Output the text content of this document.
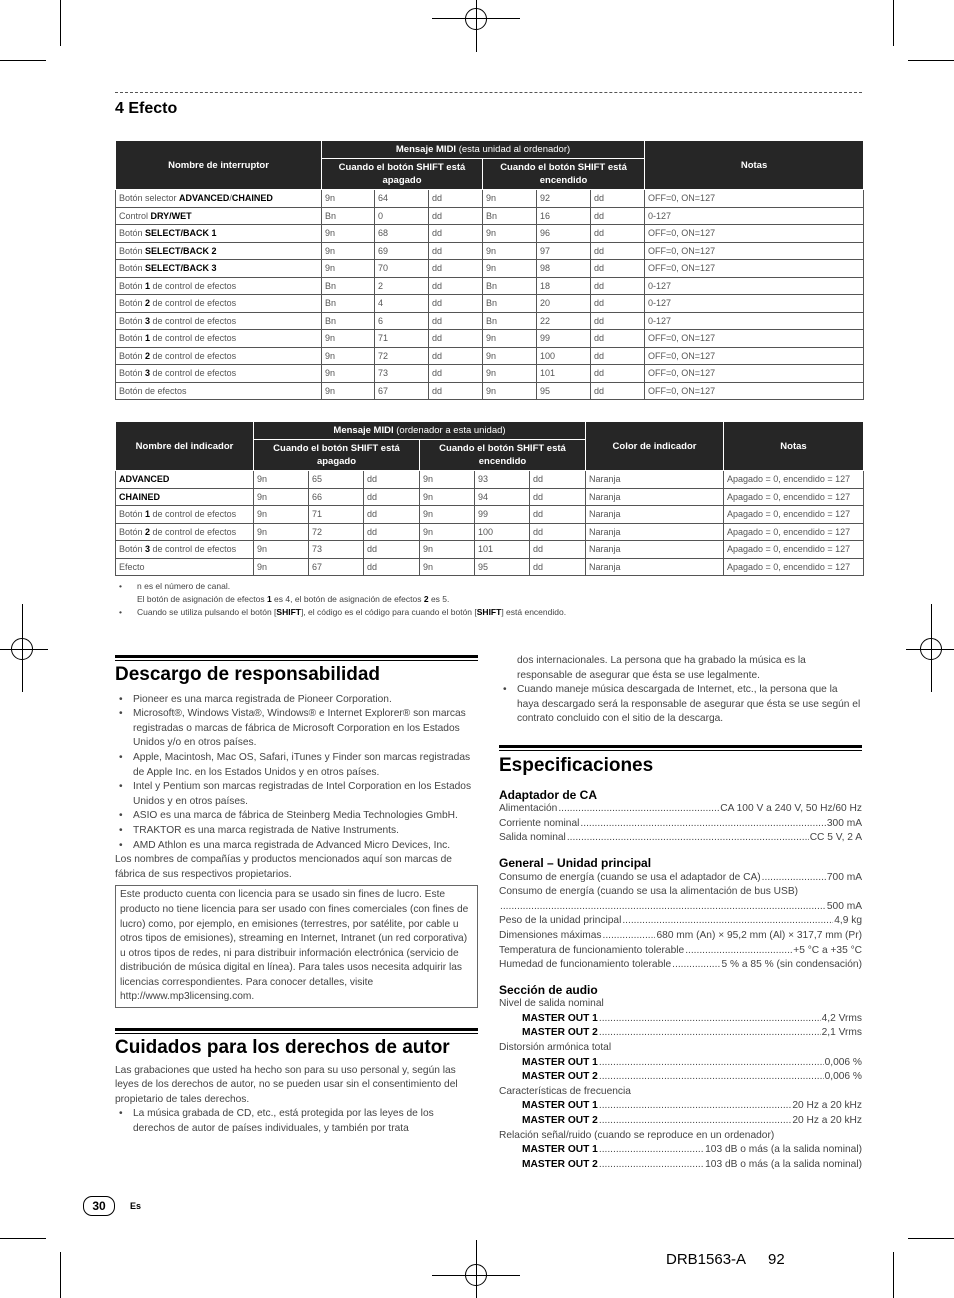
4 Efecto
Nombre de interruptor	Mensaje MIDI (esta unidad al ordenador)						Notas
	Cuando el botón SHIFT está apagado			Cuando el botón SHIFT está encendido			
Botón selector ADVANCED/CHAINED	9n	64	dd	9n	92	dd	OFF=0, ON=127
Control DRY/WET	Bn	0	dd	Bn	16	dd	0-127
Botón SELECT/BACK 1	9n	68	dd	9n	96	dd	OFF=0, ON=127
Botón SELECT/BACK 2	9n	69	dd	9n	97	dd	OFF=0, ON=127
Botón SELECT/BACK 3	9n	70	dd	9n	98	dd	OFF=0, ON=127
Botón 1 de control de efectos	Bn	2	dd	Bn	18	dd	0-127
Botón 2 de control de efectos	Bn	4	dd	Bn	20	dd	0-127
Botón 3 de control de efectos	Bn	6	dd	Bn	22	dd	0-127
Botón 1 de control de efectos	9n	71	dd	9n	99	dd	OFF=0, ON=127
Botón 2 de control de efectos	9n	72	dd	9n	100	dd	OFF=0, ON=127
Botón 3 de control de efectos	9n	73	dd	9n	101	dd	OFF=0, ON=127
Botón de efectos	9n	67	dd	9n	95	dd	OFF=0, ON=127
Nombre del indicador	Mensaje MIDI (ordenador a esta unidad)						Color de indicador	Notas
	Cuando el botón SHIFT está apagado			Cuando el botón SHIFT está encendido				
ADVANCED	9n	65	dd	9n	93	dd	Naranja	Apagado = 0, encendido = 127
CHAINED	9n	66	dd	9n	94	dd	Naranja	Apagado = 0, encendido = 127
Botón 1 de control de efectos	9n	71	dd	9n	99	dd	Naranja	Apagado = 0, encendido = 127
Botón 2 de control de efectos	9n	72	dd	9n	100	dd	Naranja	Apagado = 0, encendido = 127
Botón 3 de control de efectos	9n	73	dd	9n	101	dd	Naranja	Apagado = 0, encendido = 127
Efecto	9n	67	dd	9n	95	dd	Naranja	Apagado = 0, encendido = 127
• n es el número de canal.
El botón de asignación de efectos 1 es 4, el botón de asignación de efectos 2 es 5.
• Cuando se utiliza pulsando el botón [SHIFT], el código es el código para cuando el botón [SHIFT] está encendido.
Descargo de responsabilidad
• Pioneer es una marca registrada de Pioneer Corporation.
• Microsoft®, Windows Vista®, Windows® e Internet Explorer® son marcas registradas o marcas de fábrica de Microsoft Corporation en los Estados Unidos y/o en otros países.
• Apple, Macintosh, Mac OS, Safari, iTunes y Finder son marcas registradas de Apple Inc. en los Estados Unidos y en otros países.
• Intel y Pentium son marcas registradas de Intel Corporation en los Estados Unidos y en otros países.
• ASIO es una marca de fábrica de Steinberg Media Technologies GmbH.
• TRAKTOR es una marca registrada de Native Instruments.
• AMD Athlon es una marca registrada de Advanced Micro Devices, Inc.
Los nombres de compañías y productos mencionados aquí son marcas de fábrica de sus respectivos propietarios.
Este producto cuenta con licencia para se usado sin fines de lucro. Este producto no tiene licencia para ser usado con fines comerciales (con fines de lucro) como, por ejemplo, en emisiones (terrestres, por satélite, por cable u otros tipos de emisiones), streaming en Internet, Intranet (un red corporativa) u otros tipos de redes, ni para distribuir información electrónica (servicio de distribución de música digital en línea). Para tales usos necesita adquirir las licencias correspondientes. Para conocer detalles, visite http://www.mp3licensing.com.
Cuidados para los derechos de autor
Las grabaciones que usted ha hecho son para su uso personal y, según las leyes de los derechos de autor, no se pueden usar sin el consentimiento del propietario de tales derechos.
• La música grabada de CD, etc., está protegida por las leyes de los derechos de autor de países individuales, y también por trata
dos internacionales. La persona que ha grabado la música es la responsable de asegurar que ésta se use legalmente.
• Cuando maneje música descargada de Internet, etc., la persona que la haya descargado será la responsable de asegurar que ésta se use según el contrato concluido con el sitio de la descarga.
Especificaciones
Adaptador de CA
Alimentación .....	CA 100 V a 240 V, 50 Hz/60 Hz
Corriente nominal .....	300 mA
Salida nominal .....	CC 5 V, 2 A
General – Unidad principal
Consumo de energía (cuando se usa el adaptador de CA) .....	700 mA
Consumo de energía (cuando se usa la alimentación de bus USB)
.....
500 mA
Peso de la unidad principal .....	4,9 kg
Dimensiones máximas .....	680 mm (An) × 95,2 mm (Al) × 317,7 mm (Pr)
Temperatura de funcionamiento tolerable .....	+5 °C a +35 °C
Humedad de funcionamiento tolerable .....	5 % a 85 % (sin condensación)
Sección de audio
Nivel de salida nominal
MASTER OUT 1 .....	4,2 Vrms
MASTER OUT 2 .....	2,1 Vrms
Distorsión armónica total
MASTER OUT 1 .....	0,006 %
MASTER OUT 2 .....	0,006 %
Características de frecuencia
MASTER OUT 1 .....	20 Hz a 20 kHz
MASTER OUT 2 .....	20 Hz a 20 kHz
Relación señal/ruido (cuando se reproduce en un ordenador)
MASTER OUT 1 .....	103 dB o más (a la salida nominal)
MASTER OUT 2 .....	103 dB o más (a la salida nominal)
30	Es
DRB1563-A 92
